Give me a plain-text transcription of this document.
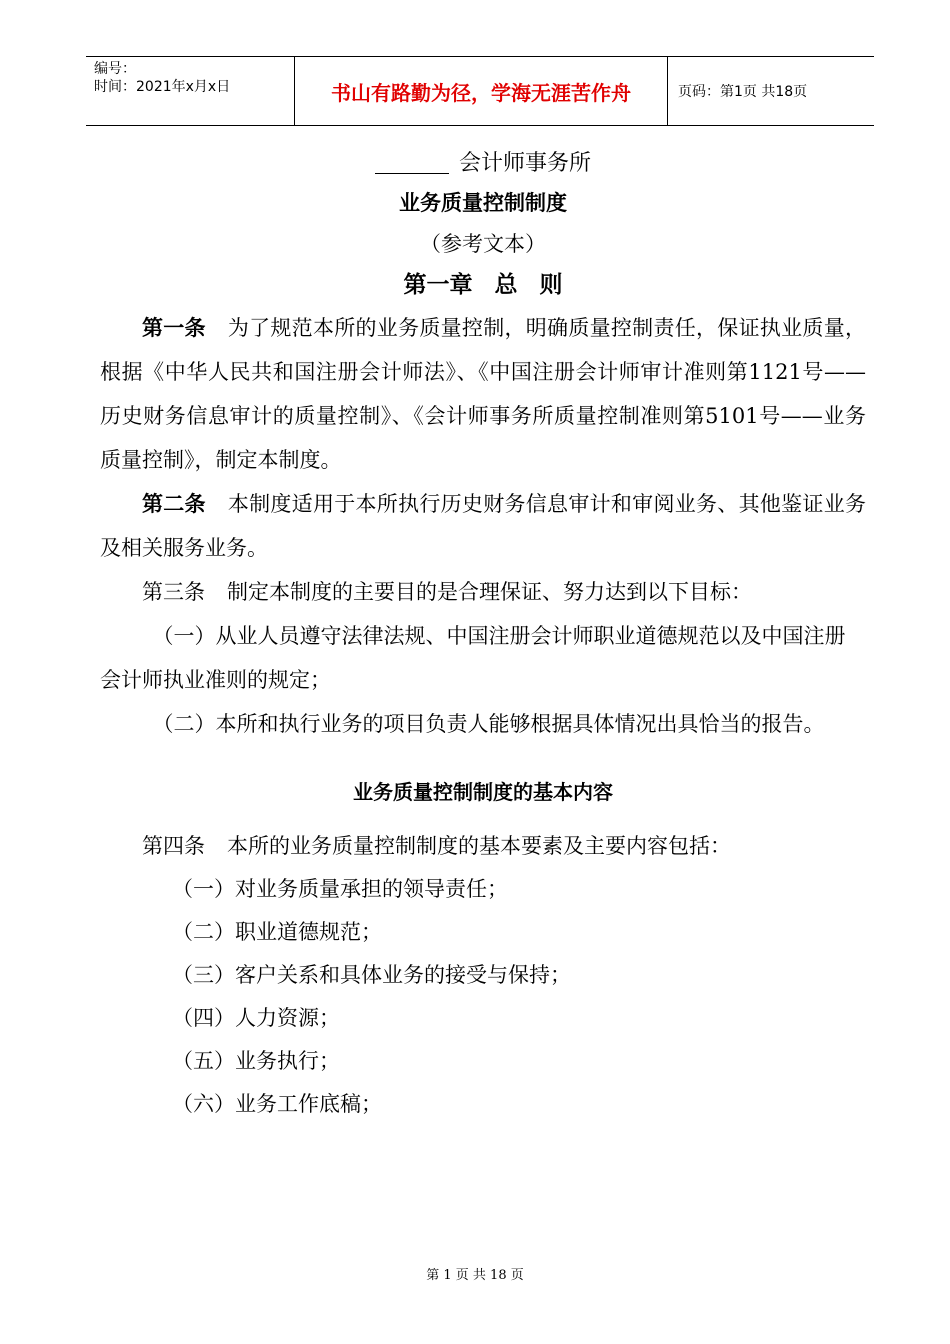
编号：
时间：2021年x月x日	书山有路勤为径，学海无涯苦作舟	页码：第1页 共18页
会计师事务所
业务质量控制制度
（参考文本）
第一章 总 则

第一条 为了规范本所的业务质量控制，明确质量控制责任，保证执业质量，根据《中华人民共和国注册会计师法》、《中国注册会计师审计准则第1121号——历史财务信息审计的质量控制》、《会计师事务所质量控制准则第5101号——业务质量控制》，制定本制度。

第二条 本制度适用于本所执行历史财务信息审计和审阅业务、其他鉴证业务及相关服务业务。

第三条 制定本制度的主要目的是合理保证、努力达到以下目标：

（一）从业人员遵守法律法规、中国注册会计师职业道德规范以及中国注册会计师执业准则的规定；

（二）本所和执行业务的项目负责人能够根据具体情况出具恰当的报告。

业务质量控制制度的基本内容

第四条 本所的业务质量控制制度的基本要素及主要内容包括：

（一）对业务质量承担的领导责任；
（二）职业道德规范；
（三）客户关系和具体业务的接受与保持；
（四）人力资源；
（五）业务执行；
（六）业务工作底稿；
第 1 页 共 18 页
